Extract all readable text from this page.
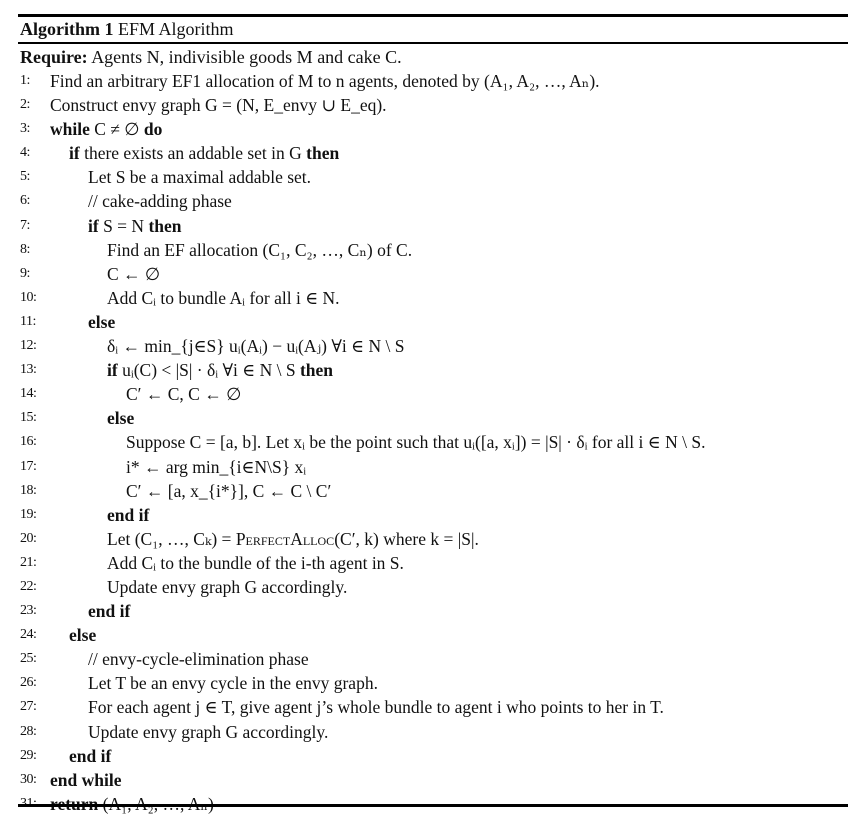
Algorithm 1 EFM Algorithm
Require: Agents N, indivisible goods M and cake C.
1:	Find an arbitrary EF1 allocation of M to n agents, denoted by (A₁, A₂, …, Aₙ).
2:	Construct envy graph G = (N, E_envy ∪ E_eq).
3:	while C ≠ ∅ do
4:	if there exists an addable set in G then
5:	Let S be a maximal addable set.
6:	// cake-adding phase
7:	if S = N then
8:	Find an EF allocation (C₁, C₂, …, Cₙ) of C.
9:	C ← ∅
10:	Add Cᵢ to bundle Aᵢ for all i ∈ N.
11:	else
12:	δᵢ ← min_{j∈S} uᵢ(Aᵢ) − uᵢ(Aⱼ) ∀i ∈ N \ S
13:	if uᵢ(C) < |S| · δᵢ ∀i ∈ N \ S then
14:	C′ ← C, C ← ∅
15:	else
16:	Suppose C = [a, b]. Let xᵢ be the point such that uᵢ([a, xᵢ]) = |S| · δᵢ for all i ∈ N \ S.
17:	i* ← arg min_{i∈N\S} xᵢ
18:	C′ ← [a, x_{i*}], C ← C \ C′
19:	end if
20:	Let (C₁, …, Cₖ) = PerfectAlloc(C′, k) where k = |S|.
21:	Add Cᵢ to the bundle of the i-th agent in S.
22:	Update envy graph G accordingly.
23:	end if
24:	else
25:	// envy-cycle-elimination phase
26:	Let T be an envy cycle in the envy graph.
27:	For each agent j ∈ T, give agent j’s whole bundle to agent i who points to her in T.
28:	Update envy graph G accordingly.
29:	end if
30: end while
